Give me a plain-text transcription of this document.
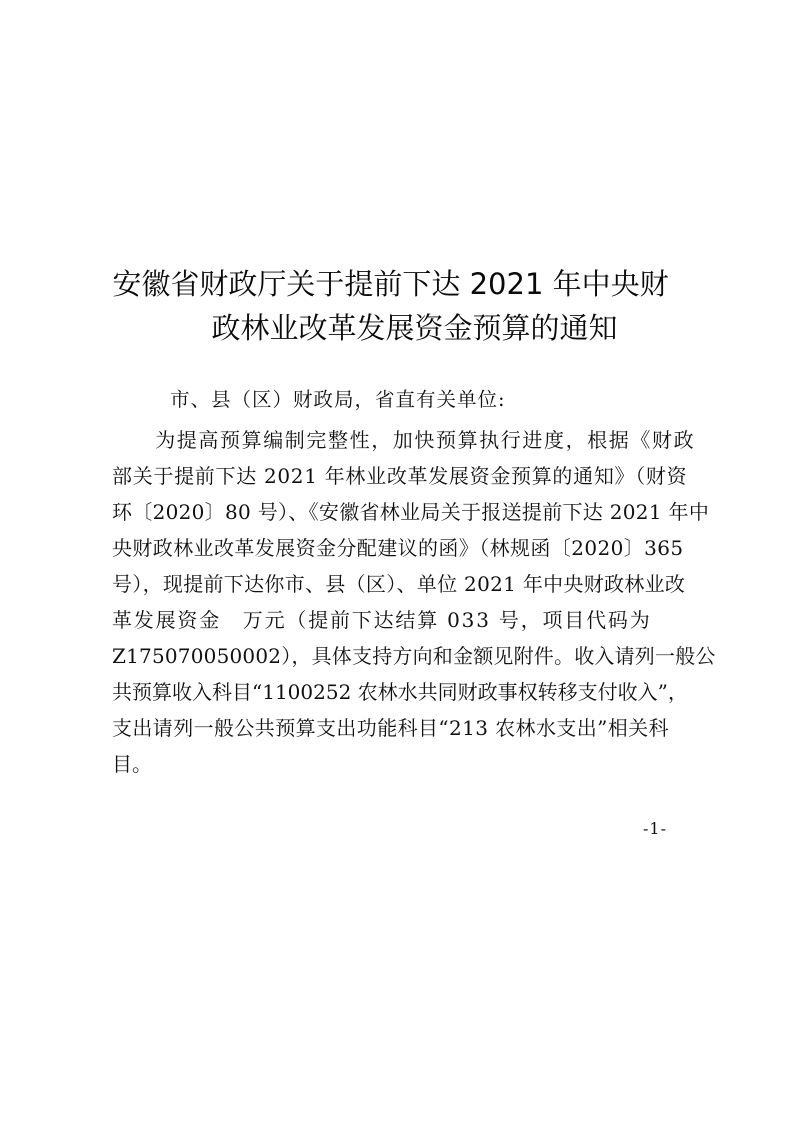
安徽省财政厅关于提前下达 2021 年中央财
政林业改革发展资金预算的通知
市、县（区）财政局，省直有关单位:
　　为提高预算编制完整性，加快预算执行进度，根据《财政
部关于提前下达 2021 年林业改革发展资金预算的通知》（财资
环〔2020〕80 号）、《安徽省林业局关于报送提前下达 2021 年中
央财政林业改革发展资金分配建议的函》（林规函〔2020〕365
号），现提前下达你市、县（区）、单位 2021 年中央财政林业改
革发展资金　万元（提前下达结算 033 号，项目代码为
Z175070050002），具体支持方向和金额见附件。收入请列一般公
共预算收入科目“1100252 农林水共同财政事权转移支付收入”，
支出请列一般公共预算支出功能科目“213 农林水支出”相关科
目。
-1-
